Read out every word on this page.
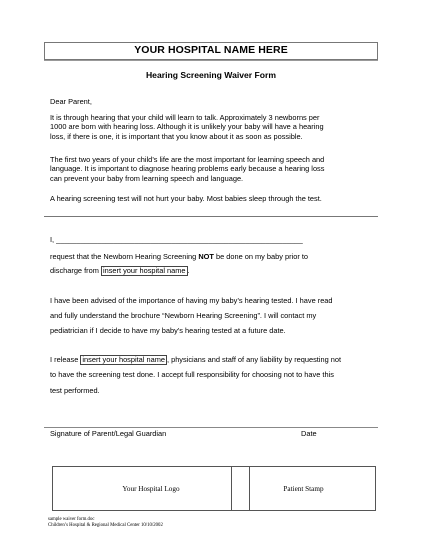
YOUR HOSPITAL NAME HERE
Hearing Screening Waiver Form
Dear Parent,
It is through hearing that your child will learn to talk. Approximately 3 newborns per
1000 are born with hearing loss. Although it is unlikely your baby will have a hearing
loss, if there is one, it is important that you know about it as soon as possible.
The first two years of your child’s life are the most important for learning speech and
language. It is important to diagnose hearing problems early because a hearing loss
can prevent your baby from learning speech and language.
A hearing screening test will not hurt your baby. Most babies sleep through the test.
I, ____________________________________________________________
request that the Newborn Hearing Screening NOT be done on my baby prior to
discharge from insert your hospital name .
I have been advised of the importance of having my baby’s hearing tested. I have read
and fully understand the brochure “Newborn Hearing Screening”. I will contact my
pediatrician if I decide to have my baby’s hearing tested at a future date.
I release insert your hospital name , physicians and staff of any liability by requesting not
to have the screening test done. I accept full responsibility for choosing not to have this
test performed.
Signature of Parent/Legal Guardian	Date
Your Hospital Logo	Patient Stamp
sample waiver form.doc
Children’s Hospital & Regional Medical Center 10/10/2002
